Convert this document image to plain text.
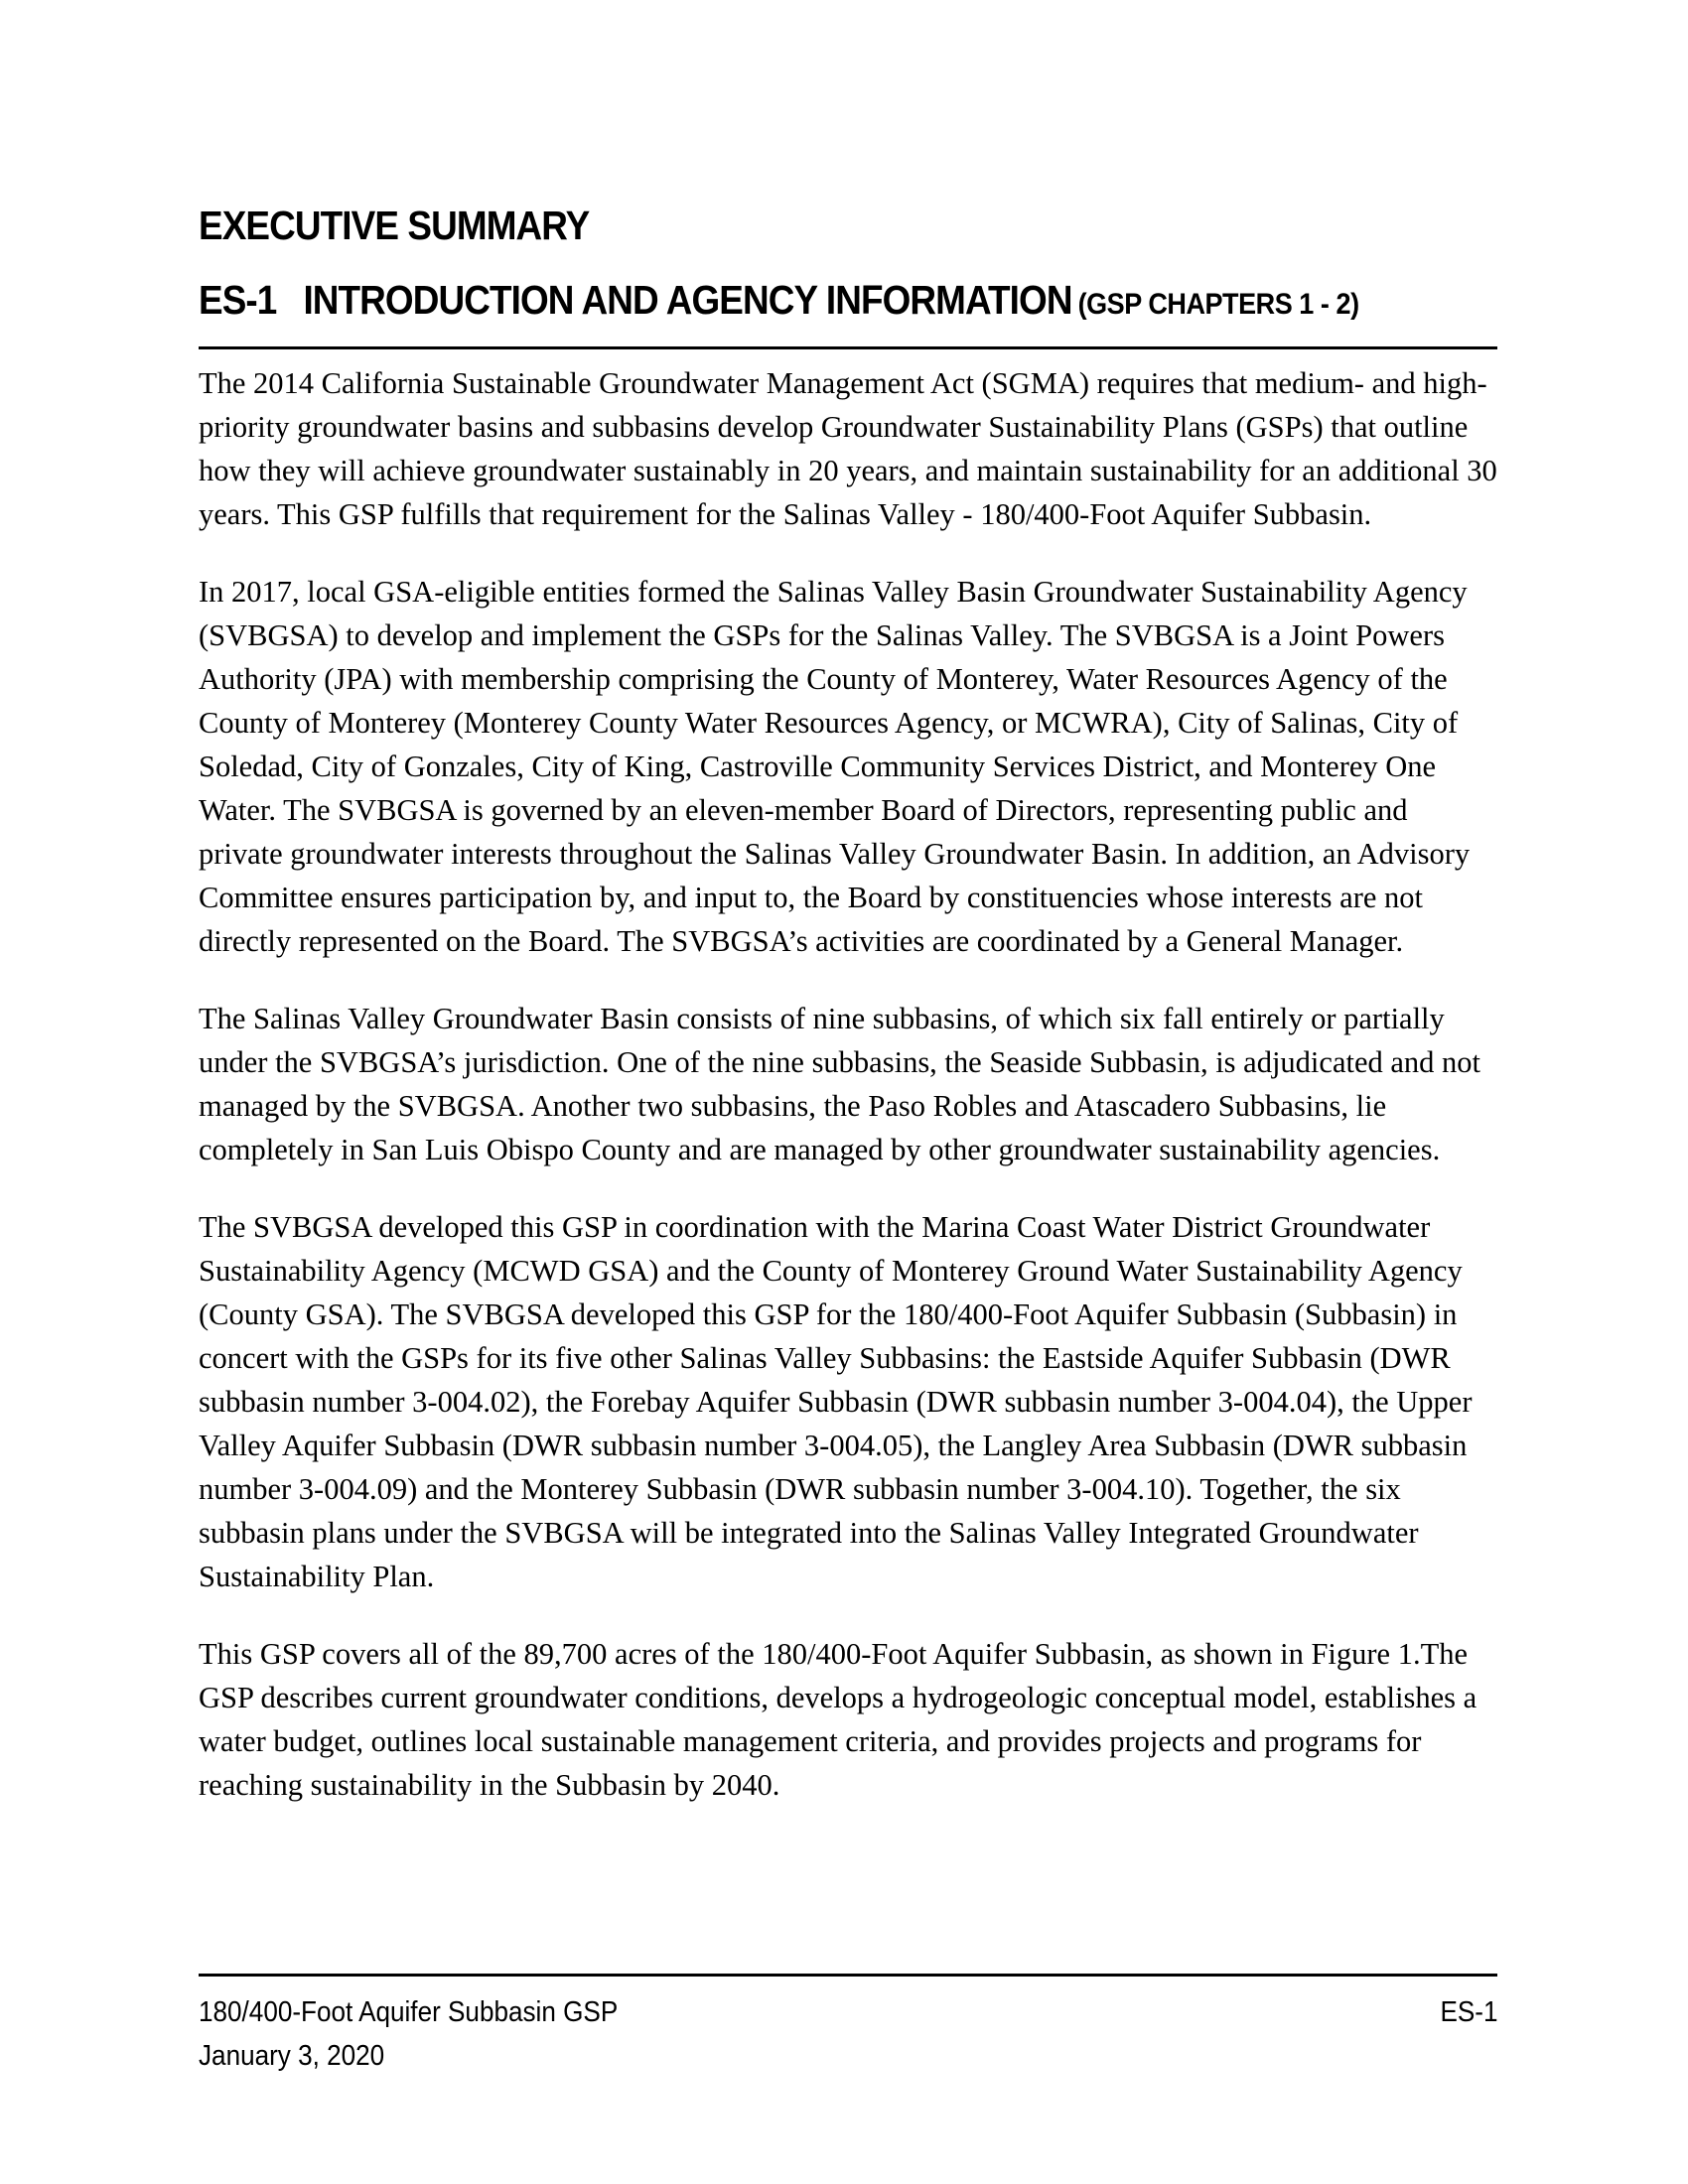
EXECUTIVE SUMMARY
ES-1 INTRODUCTION AND AGENCY INFORMATION (GSP CHAPTERS 1 - 2)

The 2014 California Sustainable Groundwater Management Act (SGMA) requires that medium- and high-priority groundwater basins and subbasins develop Groundwater Sustainability Plans (GSPs) that outline how they will achieve groundwater sustainably in 20 years, and maintain sustainability for an additional 30 years. This GSP fulfills that requirement for the Salinas Valley - 180/400-Foot Aquifer Subbasin.

In 2017, local GSA-eligible entities formed the Salinas Valley Basin Groundwater Sustainability Agency (SVBGSA) to develop and implement the GSPs for the Salinas Valley. The SVBGSA is a Joint Powers Authority (JPA) with membership comprising the County of Monterey, Water Resources Agency of the County of Monterey (Monterey County Water Resources Agency, or MCWRA), City of Salinas, City of Soledad, City of Gonzales, City of King, Castroville Community Services District, and Monterey One Water. The SVBGSA is governed by an eleven-member Board of Directors, representing public and private groundwater interests throughout the Salinas Valley Groundwater Basin. In addition, an Advisory Committee ensures participation by, and input to, the Board by constituencies whose interests are not directly represented on the Board. The SVBGSA’s activities are coordinated by a General Manager.

The Salinas Valley Groundwater Basin consists of nine subbasins, of which six fall entirely or partially under the SVBGSA’s jurisdiction. One of the nine subbasins, the Seaside Subbasin, is adjudicated and not managed by the SVBGSA. Another two subbasins, the Paso Robles and Atascadero Subbasins, lie completely in San Luis Obispo County and are managed by other groundwater sustainability agencies.

The SVBGSA developed this GSP in coordination with the Marina Coast Water District Groundwater Sustainability Agency (MCWD GSA) and the County of Monterey Ground Water Sustainability Agency (County GSA). The SVBGSA developed this GSP for the 180/400-Foot Aquifer Subbasin (Subbasin) in concert with the GSPs for its five other Salinas Valley Subbasins: the Eastside Aquifer Subbasin (DWR subbasin number 3-004.02), the Forebay Aquifer Subbasin (DWR subbasin number 3-004.04), the Upper Valley Aquifer Subbasin (DWR subbasin number 3-004.05), the Langley Area Subbasin (DWR subbasin number 3-004.09) and the Monterey Subbasin (DWR subbasin number 3-004.10). Together, the six subbasin plans under the SVBGSA will be integrated into the Salinas Valley Integrated Groundwater Sustainability Plan.

This GSP covers all of the 89,700 acres of the 180/400-Foot Aquifer Subbasin, as shown in Figure 1.The GSP describes current groundwater conditions, develops a hydrogeologic conceptual model, establishes a water budget, outlines local sustainable management criteria, and provides projects and programs for reaching sustainability in the Subbasin by 2040.

180/400-Foot Aquifer Subbasin GSP	ES-1
January 3, 2020
